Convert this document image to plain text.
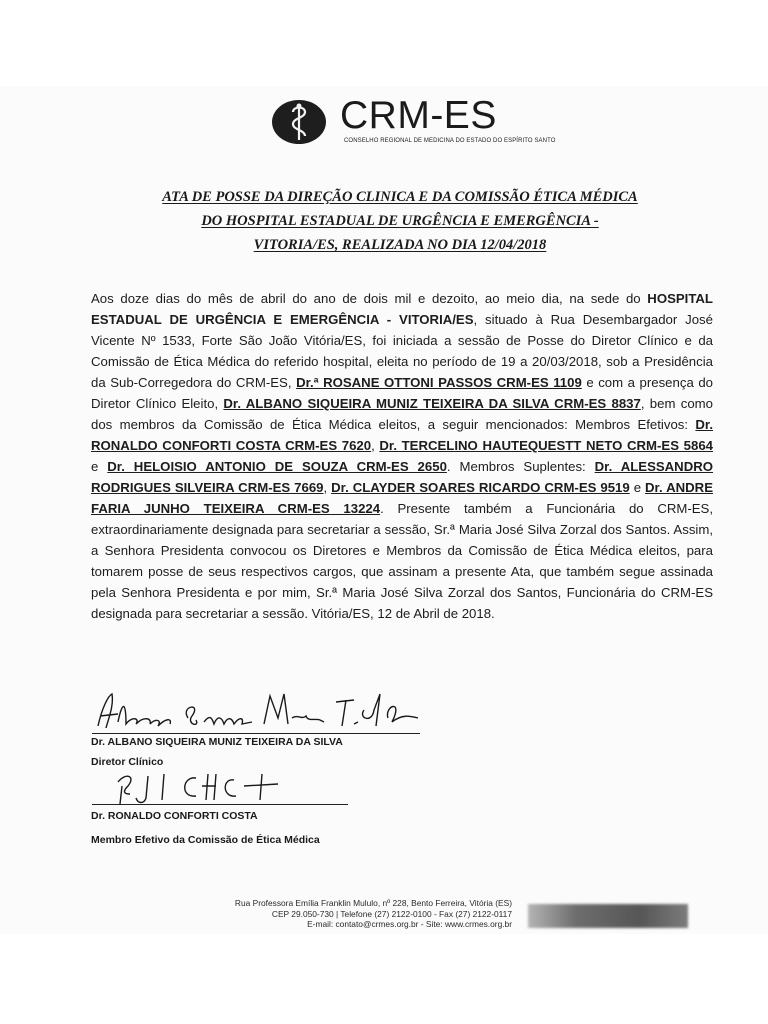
CRM-ES
CONSELHO REGIONAL DE MEDICINA DO ESTADO DO ESPÍRITO SANTO
ATA DE POSSE DA DIREÇÃO CLINICA E DA COMISSÃO ÉTICA MÉDICA
DO HOSPITAL ESTADUAL DE URGÊNCIA E EMERGÊNCIA -
VITORIA/ES, REALIZADA NO DIA 12/04/2018
Aos doze dias do mês de abril do ano de dois mil e dezoito, ao meio dia, na sede do HOSPITAL ESTADUAL DE URGÊNCIA E EMERGÊNCIA - VITORIA/ES, situado à Rua Desembargador José Vicente Nº 1533, Forte São João Vitória/ES, foi iniciada a sessão de Posse do Diretor Clínico e da Comissão de Ética Médica do referido hospital, eleita no período de 19 a 20/03/2018, sob a Presidência da Sub-Corregedora do CRM-ES, Dr.ª ROSANE OTTONI PASSOS CRM-ES 1109 e com a presença do Diretor Clínico Eleito, Dr. ALBANO SIQUEIRA MUNIZ TEIXEIRA DA SILVA CRM-ES 8837, bem como dos membros da Comissão de Ética Médica eleitos, a seguir mencionados: Membros Efetivos: Dr. RONALDO CONFORTI COSTA CRM-ES 7620, Dr. TERCELINO HAUTEQUESTT NETO CRM-ES 5864 e Dr. HELOISIO ANTONIO DE SOUZA CRM-ES 2650. Membros Suplentes: Dr. ALESSANDRO RODRIGUES SILVEIRA CRM-ES 7669, Dr. CLAYDER SOARES RICARDO CRM-ES 9519 e Dr. ANDRE FARIA JUNHO TEIXEIRA CRM-ES 13224. Presente também a Funcionária do CRM-ES, extraordinariamente designada para secretariar a sessão, Sr.ª Maria José Silva Zorzal dos Santos. Assim, a Senhora Presidenta convocou os Diretores e Membros da Comissão de Ética Médica eleitos, para tomarem posse de seus respectivos cargos, que assinam a presente Ata, que também segue assinada pela Senhora Presidenta e por mim, Sr.ª Maria José Silva Zorzal dos Santos, Funcionária do CRM-ES designada para secretariar a sessão. Vitória/ES, 12 de Abril de 2018.
Dr. ALBANO SIQUEIRA MUNIZ TEIXEIRA DA SILVA
Diretor Clínico
Dr. RONALDO CONFORTI COSTA
Membro Efetivo da Comissão de Ética Médica
Rua Professora Emília Franklin Mululo, nº 228, Bento Ferreira, Vitória (ES)
CEP 29.050-730 | Telefone (27) 2122-0100 - Fax (27) 2122-0117
E-mail: contato@crmes.org.br - Site: www.crmes.org.br
